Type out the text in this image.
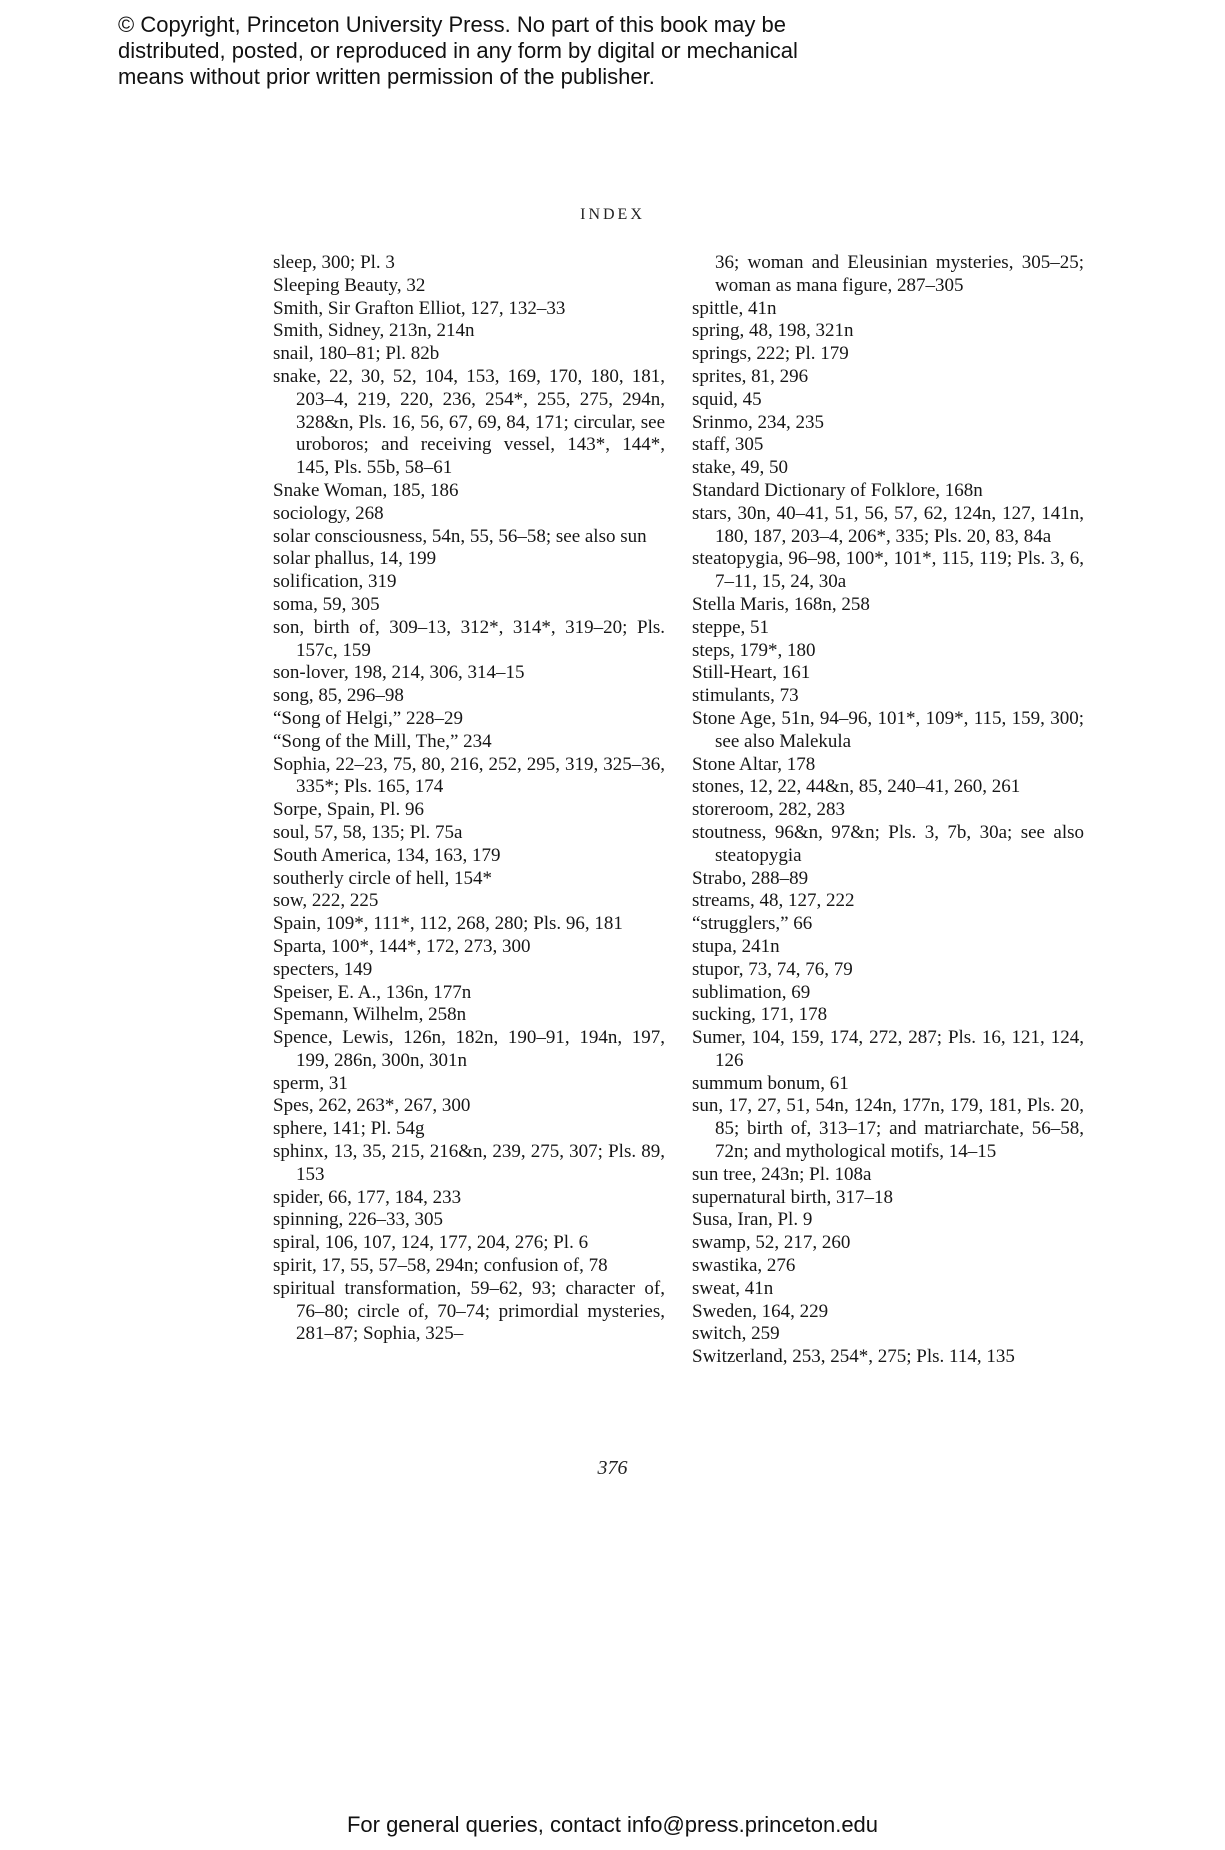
© Copyright, Princeton University Press. No part of this book may be
distributed, posted, or reproduced in any form by digital or mechanical
means without prior written permission of the publisher.
INDEX
sleep, 300; Pl. 3
Sleeping Beauty, 32
Smith, Sir Grafton Elliot, 127, 132–33
Smith, Sidney, 213n, 214n
snail, 180–81; Pl. 82b
snake, 22, 30, 52, 104, 153, 169, 170, 180, 181, 203–4, 219, 220, 236, 254*, 255, 275, 294n, 328&n, Pls. 16, 56, 67, 69, 84, 171; circular, see uroboros; and receiving vessel, 143*, 144*, 145, Pls. 55b, 58–61
Snake Woman, 185, 186
sociology, 268
solar consciousness, 54n, 55, 56–58; see also sun
solar phallus, 14, 199
solification, 319
soma, 59, 305
son, birth of, 309–13, 312*, 314*, 319–20; Pls. 157c, 159
son-lover, 198, 214, 306, 314–15
song, 85, 296–98
“Song of Helgi,” 228–29
“Song of the Mill, The,” 234
Sophia, 22–23, 75, 80, 216, 252, 295, 319, 325–36, 335*; Pls. 165, 174
Sorpe, Spain, Pl. 96
soul, 57, 58, 135; Pl. 75a
South America, 134, 163, 179
southerly circle of hell, 154*
sow, 222, 225
Spain, 109*, 111*, 112, 268, 280; Pls. 96, 181
Sparta, 100*, 144*, 172, 273, 300
specters, 149
Speiser, E. A., 136n, 177n
Spemann, Wilhelm, 258n
Spence, Lewis, 126n, 182n, 190–91, 194n, 197, 199, 286n, 300n, 301n
sperm, 31
Spes, 262, 263*, 267, 300
sphere, 141; Pl. 54g
sphinx, 13, 35, 215, 216&n, 239, 275, 307; Pls. 89, 153
spider, 66, 177, 184, 233
spinning, 226–33, 305
spiral, 106, 107, 124, 177, 204, 276; Pl. 6
spirit, 17, 55, 57–58, 294n; confusion of, 78
spiritual transformation, 59–62, 93; character of, 76–80; circle of, 70–74; primordial mysteries, 281–87; Sophia, 325–
36; woman and Eleusinian mysteries, 305–25; woman as mana figure, 287–305
spittle, 41n
spring, 48, 198, 321n
springs, 222; Pl. 179
sprites, 81, 296
squid, 45
Srinmo, 234, 235
staff, 305
stake, 49, 50
Standard Dictionary of Folklore, 168n
stars, 30n, 40–41, 51, 56, 57, 62, 124n, 127, 141n, 180, 187, 203–4, 206*, 335; Pls. 20, 83, 84a
steatopygia, 96–98, 100*, 101*, 115, 119; Pls. 3, 6, 7–11, 15, 24, 30a
Stella Maris, 168n, 258
steppe, 51
steps, 179*, 180
Still-Heart, 161
stimulants, 73
Stone Age, 51n, 94–96, 101*, 109*, 115, 159, 300; see also Malekula
Stone Altar, 178
stones, 12, 22, 44&n, 85, 240–41, 260, 261
storeroom, 282, 283
stoutness, 96&n, 97&n; Pls. 3, 7b, 30a; see also steatopygia
Strabo, 288–89
streams, 48, 127, 222
“strugglers,” 66
stupa, 241n
stupor, 73, 74, 76, 79
sublimation, 69
sucking, 171, 178
Sumer, 104, 159, 174, 272, 287; Pls. 16, 121, 124, 126
summum bonum, 61
sun, 17, 27, 51, 54n, 124n, 177n, 179, 181, Pls. 20, 85; birth of, 313–17; and matriarchate, 56–58, 72n; and mythological motifs, 14–15
sun tree, 243n; Pl. 108a
supernatural birth, 317–18
Susa, Iran, Pl. 9
swamp, 52, 217, 260
swastika, 276
sweat, 41n
Sweden, 164, 229
switch, 259
Switzerland, 253, 254*, 275; Pls. 114, 135
376
For general queries, contact info@press.princeton.edu
